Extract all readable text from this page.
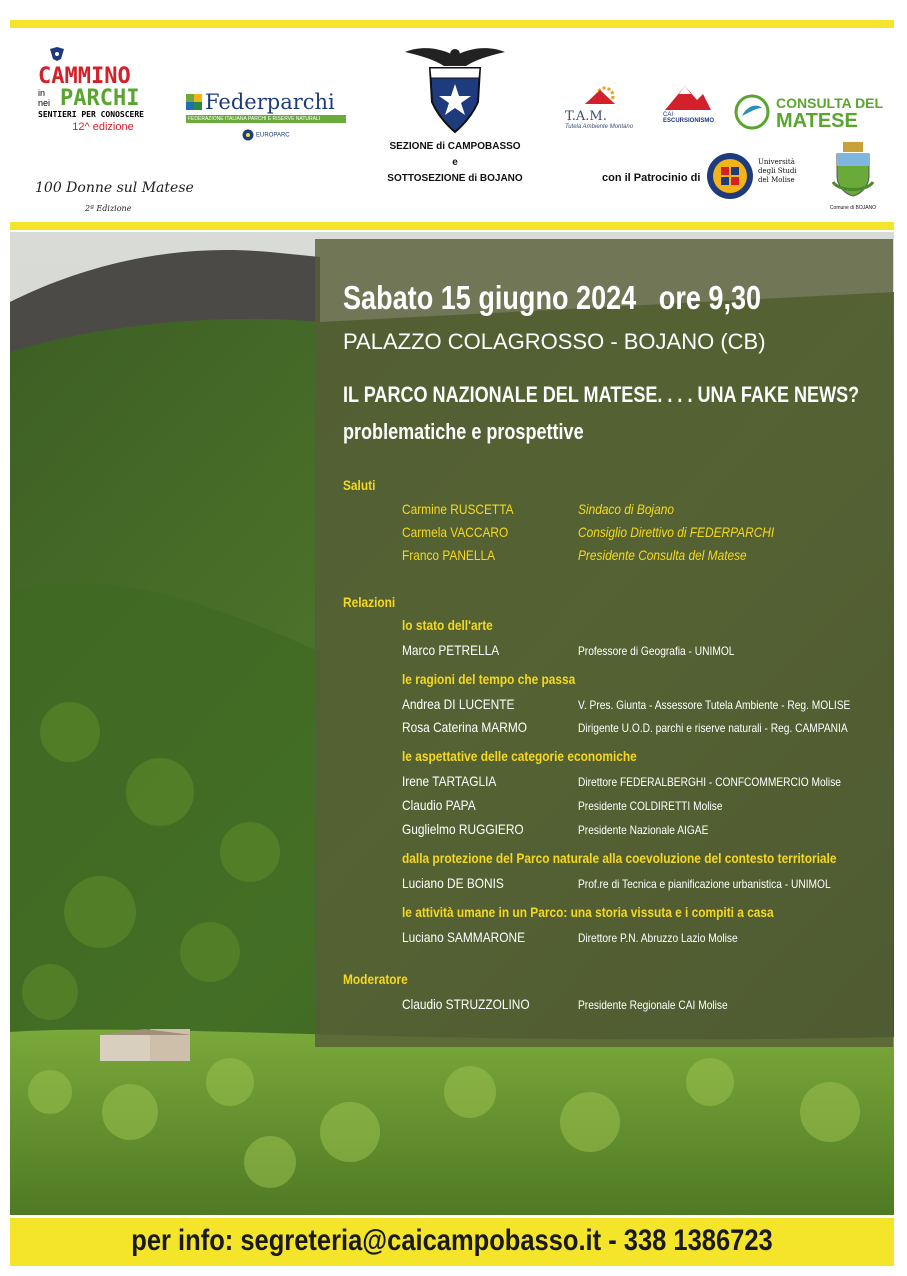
CAMMINO
in
nei PARCHI
SENTIERI PER CONOSCERE
12^ edizione
100 Donne sul Matese
2ª Edizione
Federparchi
FEDERAZIONE ITALIANA PARCHI E RISERVE NATURALI
EUROPARC
SEZIONE di CAMPOBASSO
e
SOTTOSEZIONE di BOJANO
T.A.M.
Tutela Ambiente Montano
CAI
ESCURSIONISMO
CONSULTA DEL
MATESE
con il Patrocinio di
Università degli Studi del Molise
Comune di BOJANO
Sabato 15 giugno 2024 ore 9,30
PALAZZO COLAGROSSO - BOJANO (CB)
IL PARCO NAZIONALE DEL MATESE. . . . UNA FAKE NEWS?
problematiche e prospettive
Saluti
Carmine RUSCETTA	Sindaco di Bojano
Carmela VACCARO	Consiglio Direttivo di FEDERPARCHI
Franco PANELLA	Presidente Consulta del Matese
Relazioni
lo stato dell'arte
Marco PETRELLA	Professore di Geografia - UNIMOL
le ragioni del tempo che passa
Andrea DI LUCENTE	V. Pres. Giunta - Assessore Tutela Ambiente - Reg. MOLISE
Rosa Caterina MARMO	Dirigente U.O.D. parchi e riserve naturali - Reg. CAMPANIA
le aspettative delle categorie economiche
Irene TARTAGLIA	Direttore FEDERALBERGHI - CONFCOMMERCIO Molise
Claudio PAPA	Presidente COLDIRETTI Molise
Guglielmo RUGGIERO	Presidente Nazionale AIGAE
dalla protezione del Parco naturale alla coevoluzione del contesto territoriale
Luciano DE BONIS	Prof.re di Tecnica e pianificazione urbanistica - UNIMOL
le attività umane in un Parco: una storia vissuta e i compiti a casa
Luciano SAMMARONE	Direttore P.N. Abruzzo Lazio Molise
Moderatore
Claudio STRUZZOLINO	Presidente Regionale CAI Molise
per info: segreteria@caicampobasso.it - 338 1386723
